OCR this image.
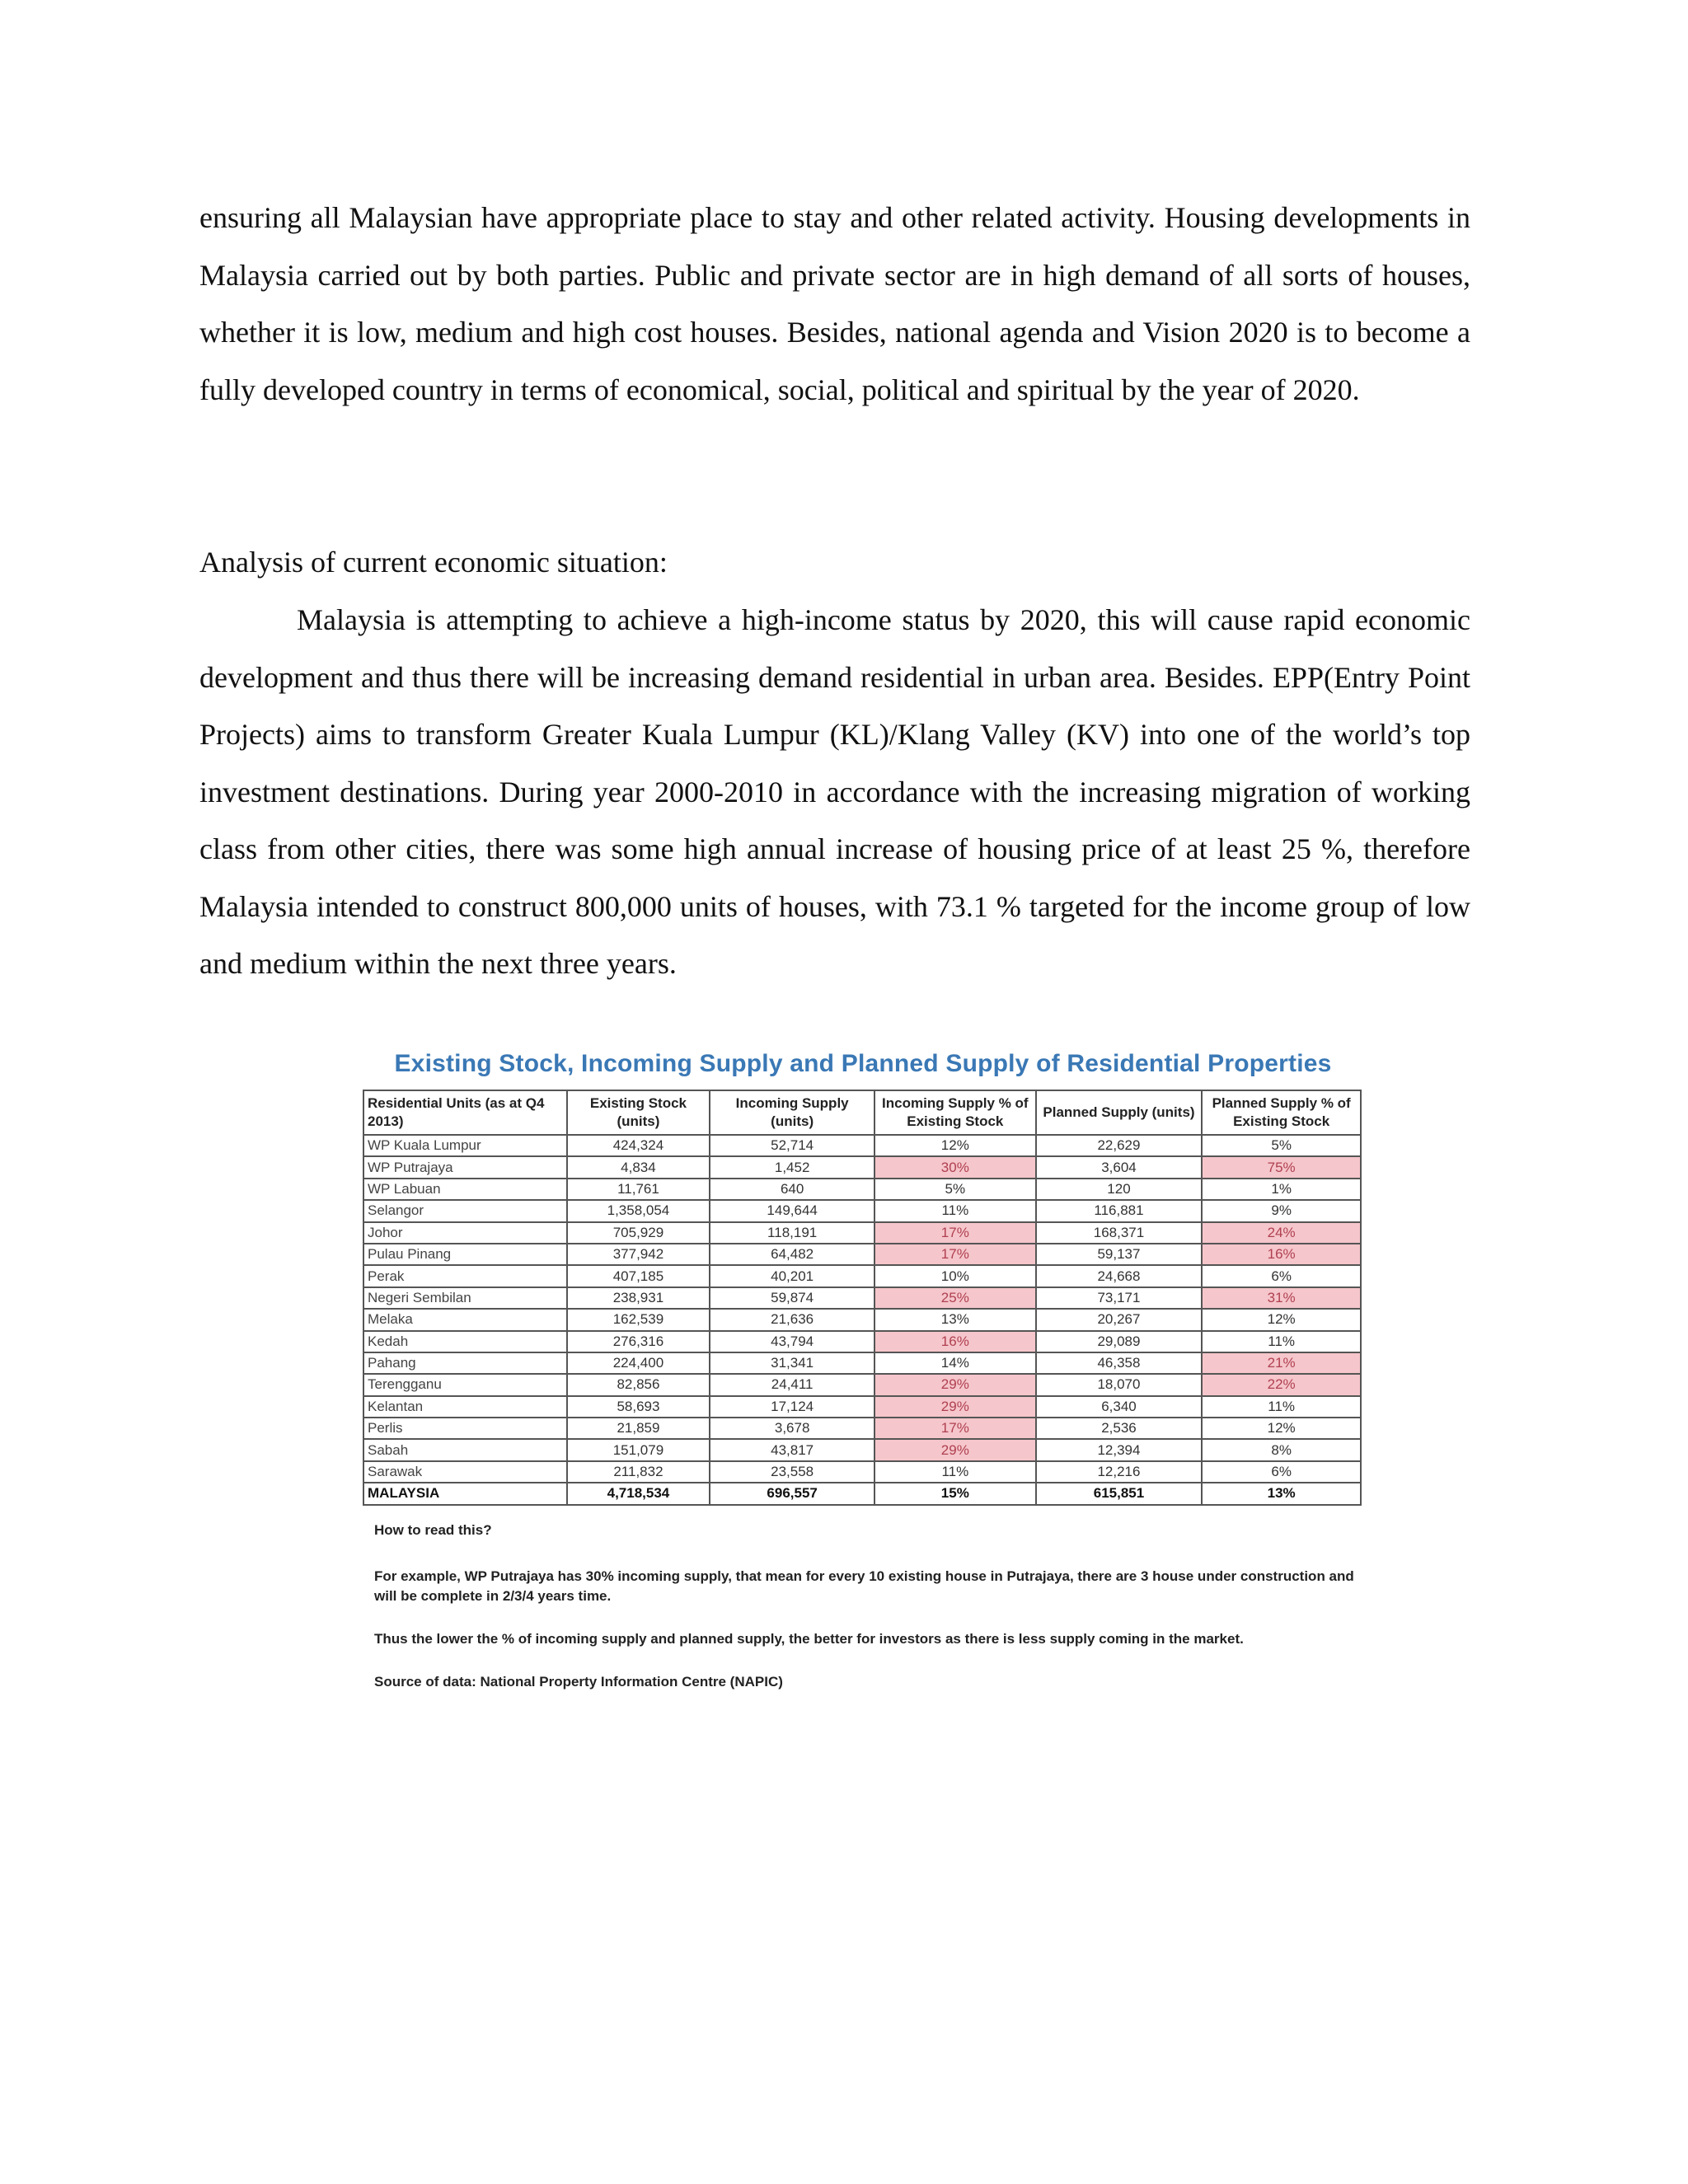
ensuring all Malaysian have appropriate place to stay and other related activity. Housing developments in Malaysia carried out by both parties. Public and private sector are in high demand of all sorts of houses, whether it is low, medium and high cost houses. Besides, national agenda and Vision 2020 is to become a fully developed country in terms of economical, social, political and spiritual by the year of 2020.

Analysis of current economic situation:

Malaysia is attempting to achieve a high-income status by 2020, this will cause rapid economic development and thus there will be increasing demand residential in urban area. Besides. EPP(Entry Point Projects) aims to transform Greater Kuala Lumpur (KL)/Klang Valley (KV) into one of the world’s top investment destinations. During year 2000-2010 in accordance with the increasing migration of working class from other cities, there was some high annual increase of housing price of at least 25 %, therefore Malaysia intended to construct 800,000 units of houses, with 73.1 % targeted for the income group of low and medium within the next three years.

Existing Stock, Incoming Supply and Planned Supply of Residential Properties
Residential Units (as at Q4 2013)	Existing Stock (units)	Incoming Supply (units)	Incoming Supply % of Existing Stock	Planned Supply (units)	Planned Supply % of Existing Stock
WP Kuala Lumpur	424,324	52,714	12%	22,629	5%
WP Putrajaya	4,834	1,452	30%	3,604	75%
WP Labuan	11,761	640	5%	120	1%
Selangor	1,358,054	149,644	11%	116,881	9%
Johor	705,929	118,191	17%	168,371	24%
Pulau Pinang	377,942	64,482	17%	59,137	16%
Perak	407,185	40,201	10%	24,668	6%
Negeri Sembilan	238,931	59,874	25%	73,171	31%
Melaka	162,539	21,636	13%	20,267	12%
Kedah	276,316	43,794	16%	29,089	11%
Pahang	224,400	31,341	14%	46,358	21%
Terengganu	82,856	24,411	29%	18,070	22%
Kelantan	58,693	17,124	29%	6,340	11%
Perlis	21,859	3,678	17%	2,536	12%
Sabah	151,079	43,817	29%	12,394	8%
Sarawak	211,832	23,558	11%	12,216	6%
MALAYSIA	4,718,534	696,557	15%	615,851	13%

How to read this?

For example, WP Putrajaya has 30% incoming supply, that mean for every 10 existing house in Putrajaya, there are 3 house under construction and will be complete in 2/3/4 years time.

Thus the lower the % of incoming supply and planned supply, the better for investors as there is less supply coming in the market.

Source of data: National Property Information Centre (NAPIC)
